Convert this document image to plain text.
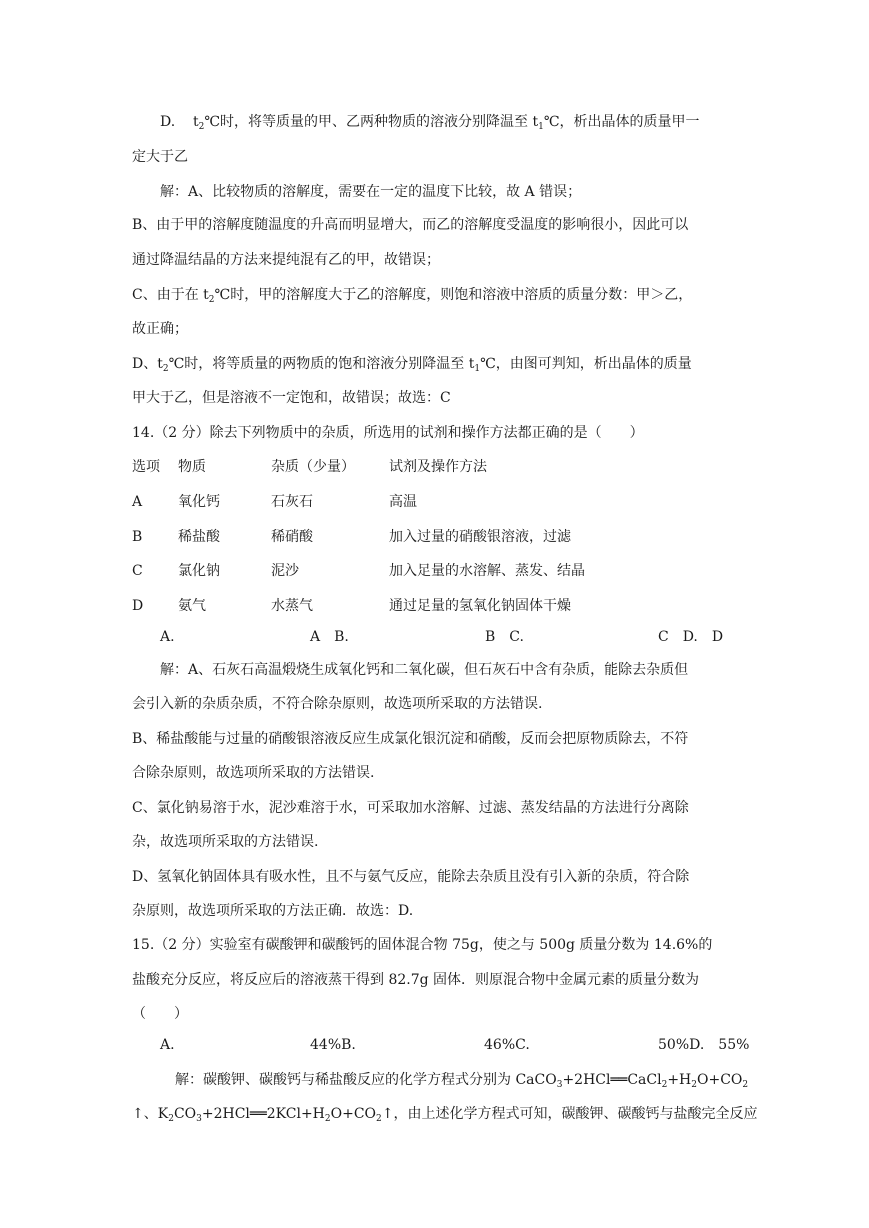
D. $t_2℃$时，将等质量的甲、乙两种物质的溶液分别降温至 $t_1℃$，析出晶体的质量甲一
定大于乙
解：A、比较物质的溶解度，需要在一定的温度下比较，故 A 错误；
B、由于甲的溶解度随温度的升高而明显增大，而乙的溶解度受温度的影响很小，因此可以
通过降温结晶的方法来提纯混有乙的甲，故错误；
C、由于在 $t_2℃$时，甲的溶解度大于乙的溶解度，则饱和溶液中溶质的质量分数：甲＞乙，
故正确；
D、$t_2℃$时，将等质量的两物质的饱和溶液分别降温至 $t_1℃$，由图可判知，析出晶体的质量
甲大于乙，但是溶液不一定饱和，故错误；故选：C
14.（2 分）除去下列物质中的杂质，所选用的试剂和操作方法都正确的是（　　）
选项 物质	杂质（少量） 试剂及操作方法
A	氧化钙	石灰石	高温
B	稀盐酸	稀硝酸	加入过量的硝酸银溶液，过滤
C	氯化钠	泥沙	加入足量的水溶解、蒸发、结晶
D 氨气	水蒸气	通过足量的氢氧化钠固体干燥
A.	A　B.	B　C.	C　D.　D
解：A、石灰石高温煅烧生成氧化钙和二氧化碳，但石灰石中含有杂质，能除去杂质但
会引入新的杂质杂质，不符合除杂原则，故选项所采取的方法错误.
B、稀盐酸能与过量的硝酸银溶液反应生成氯化银沉淀和硝酸，反而会把原物质除去，不符
合除杂原则，故选项所采取的方法错误.
C、氯化钠易溶于水，泥沙难溶于水，可采取加水溶解、过滤、蒸发结晶的方法进行分离除
杂，故选项所采取的方法错误.
D、氢氧化钠固体具有吸水性，且不与氨气反应，能除去杂质且没有引入新的杂质，符合除
杂原则，故选项所采取的方法正确．故选：D.
15.（2 分）实验室有碳酸钾和碳酸钙的固体混合物 75g，使之与 500g 质量分数为 14.6%的
盐酸充分反应，将反应后的溶液蒸干得到 82.7g 固体．则原混合物中金属元素的质量分数为
（　　）
A.	44%B.	46%C.	50%D.　55%
解：碳酸钾、碳酸钙与稀盐酸反应的化学方程式分别为 $CaCO_3+2HCl══CaCl_2+H_2O+CO_2$
↑、$K_2CO_3+2HCl══2KCl+H_2O+CO_2↑$，由上述化学方程式可知，碳酸钾、碳酸钙与盐酸完全反应
